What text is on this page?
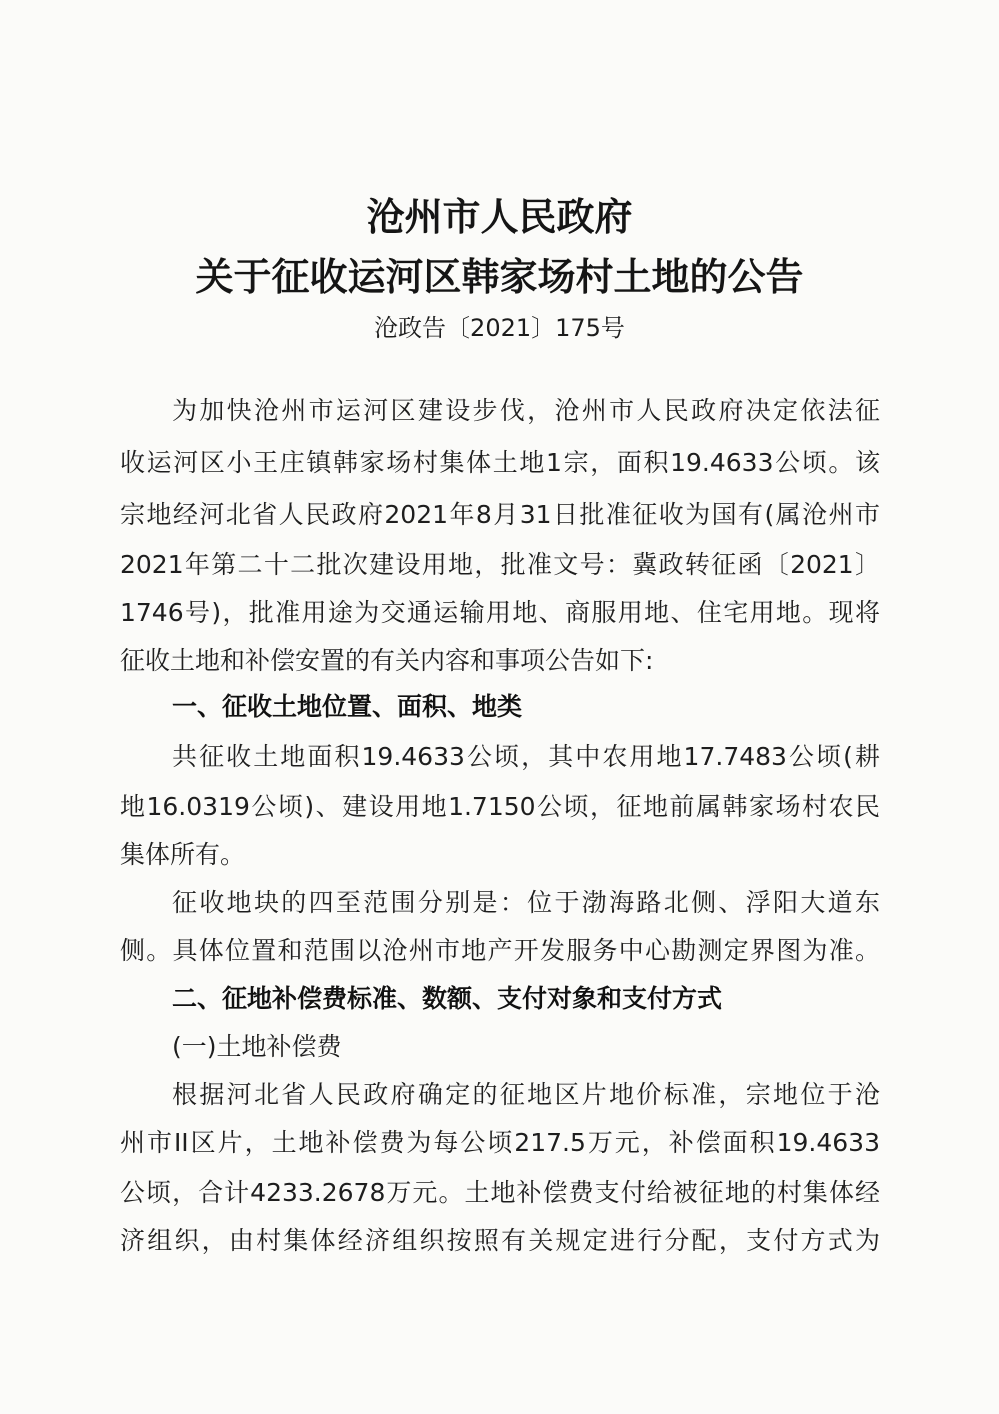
沧州市人民政府
关于征收运河区韩家场村土地的公告
沧政告〔2021〕175号
为加快沧州市运河区建设步伐，沧州市人民政府决定依法征
收运河区小王庄镇韩家场村集体土地1宗，面积19.4633公顷。该
宗地经河北省人民政府2021年8月31日批准征收为国有(属沧州市
2021年第二十二批次建设用地，批准文号：冀政转征函〔2021〕
1746号)，批准用途为交通运输用地、商服用地、住宅用地。现将
征收土地和补偿安置的有关内容和事项公告如下:
一、征收土地位置、面积、地类
共征收土地面积19.4633公顷，其中农用地17.7483公顷(耕
地16.0319公顷)、建设用地1.7150公顷，征地前属韩家场村农民
集体所有。
征收地块的四至范围分别是：位于渤海路北侧、浮阳大道东
侧。具体位置和范围以沧州市地产开发服务中心勘测定界图为准。
二、征地补偿费标准、数额、支付对象和支付方式
(一)土地补偿费
根据河北省人民政府确定的征地区片地价标准，宗地位于沧
州市II区片，土地补偿费为每公顷217.5万元，补偿面积19.4633
公顷，合计4233.2678万元。土地补偿费支付给被征地的村集体经
济组织，由村集体经济组织按照有关规定进行分配，支付方式为
